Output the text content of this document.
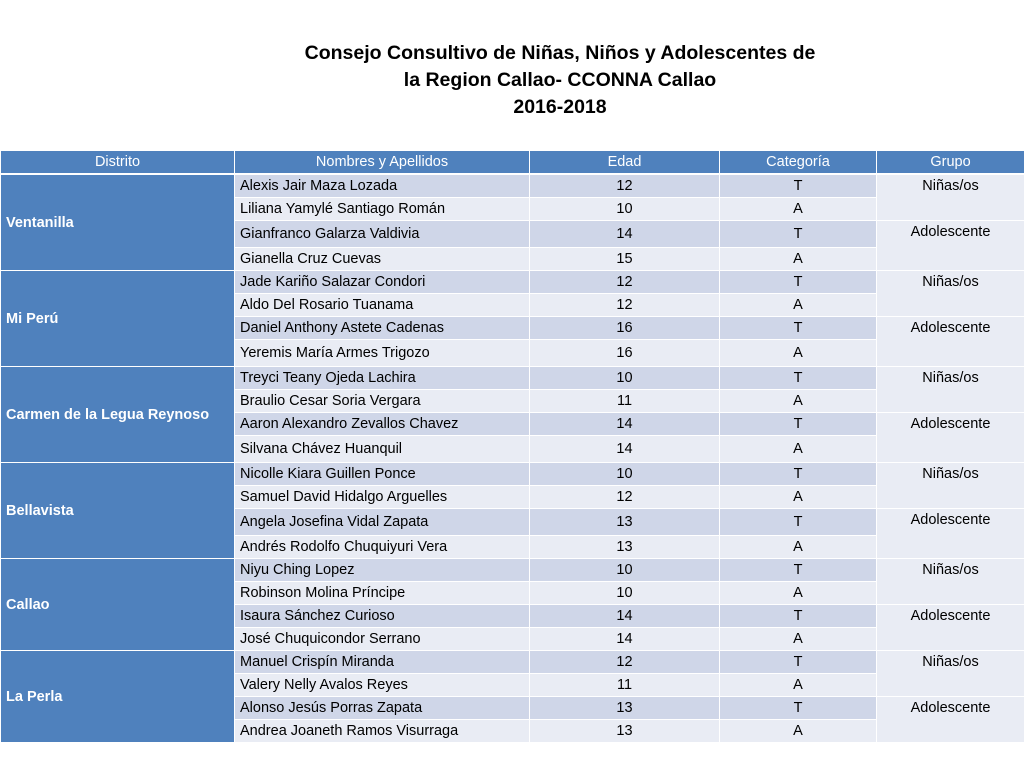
Consejo Consultivo de Niñas, Niños y Adolescentes de
la Region Callao- CCONNA Callao
2016-2018
Distrito	Nombres y Apellidos	Edad	Categoría	Grupo
Ventanilla	Alexis Jair Maza Lozada	12	T	Niñas/os
	Liliana Yamylé Santiago Román	10	A	
	Gianfranco Galarza Valdivia	14	T	Adolescente
	Gianella Cruz Cuevas	15	A	
Mi Perú	Jade Kariño Salazar Condori	12	T	Niñas/os
	Aldo Del Rosario Tuanama	12	A	
	Daniel Anthony Astete Cadenas	16	T	Adolescente
	Yeremis María Armes Trigozo	16	A	
Carmen de la Legua Reynoso	Treyci Teany Ojeda Lachira	10	T	Niñas/os
	Braulio Cesar Soria Vergara	11	A	
	Aaron Alexandro Zevallos Chavez	14	T	Adolescente
	Silvana Chávez Huanquil	14	A	
Bellavista	Nicolle Kiara Guillen Ponce	10	T	Niñas/os
	Samuel David Hidalgo Arguelles	12	A	
	Angela Josefina Vidal Zapata	13	T	Adolescente
	Andrés Rodolfo Chuquiyuri Vera	13	A	
Callao	Niyu Ching Lopez	10	T	Niñas/os
	Robinson Molina Príncipe	10	A	
	Isaura Sánchez Curioso	14	T	Adolescente
	José Chuquicondor Serrano	14	A	
La Perla	Manuel Crispín Miranda	12	T	Niñas/os
	Valery Nelly Avalos Reyes	11	A	
	Alonso Jesús Porras Zapata	13	T	Adolescente
	Andrea Joaneth Ramos Visurraga	13	A	
